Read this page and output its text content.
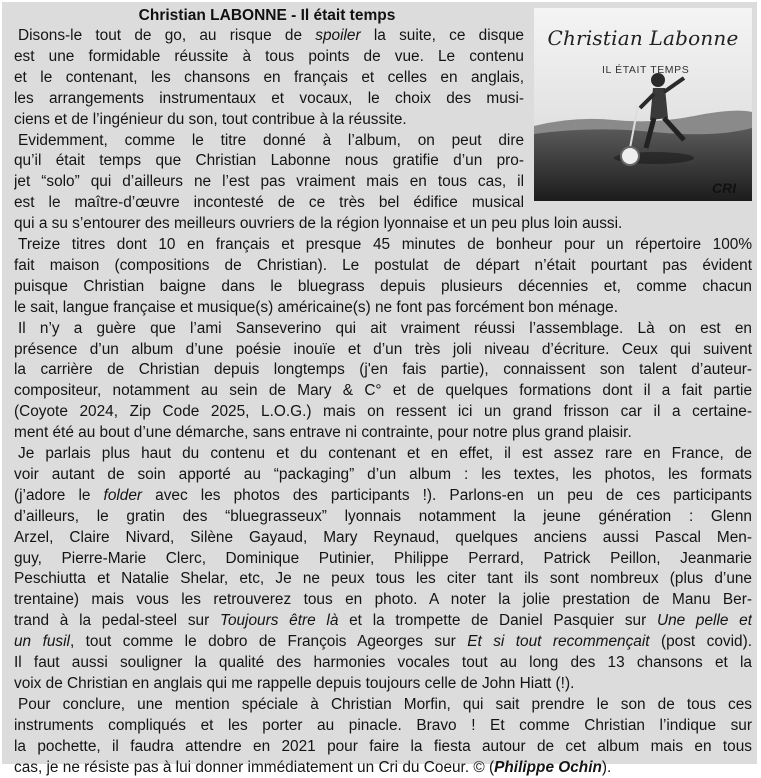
Christian LABONNE - Il était temps
Christian Labonne
IL ÉTAIT TEMPS
CRI
Disons-le tout de go, au risque de spoiler la suite, ce disque
est une formidable réussite à tous points de vue. Le contenu
et le contenant, les chansons en français et celles en anglais,
les arrangements instrumentaux et vocaux, le choix des musi-
ciens et de l’ingénieur du son, tout contribue à la réussite.
Evidemment, comme le titre donné à l’album, on peut dire
qu’il était temps que Christian Labonne nous gratifie d’un pro-
jet “solo” qui d’ailleurs ne l’est pas vraiment mais en tous cas, il
est le maître-d’œuvre incontesté de ce très bel édifice musical
qui a su s’entourer des meilleurs ouvriers de la région lyonnaise et un peu plus loin aussi.
Treize titres dont 10 en français et presque 45 minutes de bonheur pour un répertoire 100%
fait maison (compositions de Christian). Le postulat de départ n’était pourtant pas évident
puisque Christian baigne dans le bluegrass depuis plusieurs décennies et, comme chacun
le sait, langue française et musique(s) américaine(s) ne font pas forcément bon ménage.
Il n’y a guère que l’ami Sanseverino qui ait vraiment réussi l’assemblage. Là on est en
présence d’un album d’une poésie inouïe et d’un très joli niveau d’écriture. Ceux qui suivent
la carrière de Christian depuis longtemps (j'en fais partie), connaissent son talent d’auteur-
compositeur, notamment au sein de Mary & C° et de quelques formations dont il a fait partie
(Coyote 2024, Zip Code 2025, L.O.G.) mais on ressent ici un grand frisson car il a certaine-
ment été au bout d’une démarche, sans entrave ni contrainte, pour notre plus grand plaisir.
Je parlais plus haut du contenu et du contenant et en effet, il est assez rare en France, de
voir autant de soin apporté au “packaging” d’un album : les textes, les photos, les formats
(j’adore le folder avec les photos des participants !). Parlons-en un peu de ces participants
d’ailleurs, le gratin des “bluegrasseux” lyonnais notamment la jeune génération : Glenn
Arzel, Claire Nivard, Silène Gayaud, Mary Reynaud, quelques anciens aussi Pascal Men-
guy, Pierre-Marie Clerc, Dominique Putinier, Philippe Perrard, Patrick Peillon, Jeanmarie
Peschiutta et Natalie Shelar, etc, Je ne peux tous les citer tant ils sont nombreux (plus d’une
trentaine) mais vous les retrouverez tous en photo. A noter la jolie prestation de Manu Ber-
trand à la pedal-steel sur Toujours être là et la trompette de Daniel Pasquier sur Une pelle et
un fusil, tout comme le dobro de François Ageorges sur Et si tout recommençait (post covid).
Il faut aussi souligner la qualité des harmonies vocales tout au long des 13 chansons et la
voix de Christian en anglais qui me rappelle depuis toujours celle de John Hiatt (!).
Pour conclure, une mention spéciale à Christian Morfin, qui sait prendre le son de tous ces
instruments compliqués et les porter au pinacle. Bravo ! Et comme Christian l’indique sur
la pochette, il faudra attendre en 2021 pour faire la fiesta autour de cet album mais en tous
cas, je ne résiste pas à lui donner immédiatement un Cri du Coeur. © (Philippe Ochin).
